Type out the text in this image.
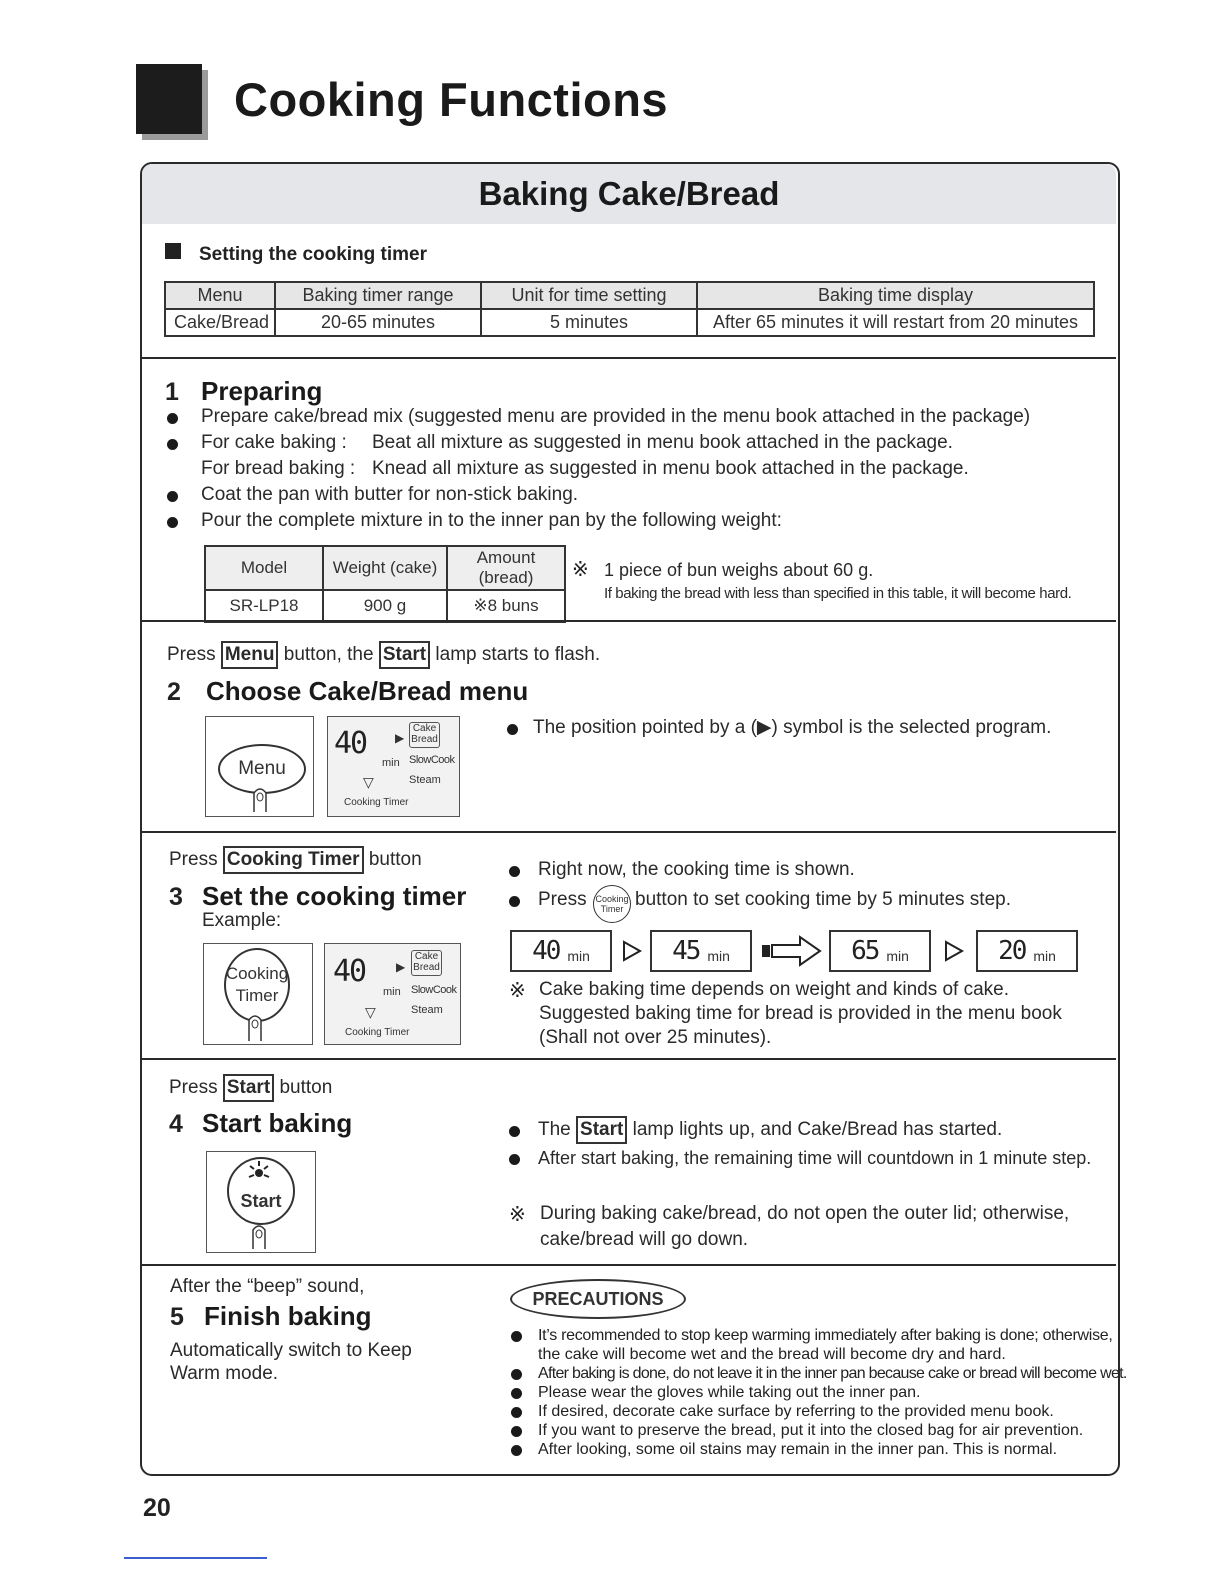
Cooking Functions
Baking Cake/Bread
Setting the cooking timer
Menu	Baking timer range	Unit for time setting	Baking time display
Cake/Bread	20-65 minutes	5 minutes	After 65 minutes it will restart from 20 minutes
1 Preparing
Prepare cake/bread mix (suggested menu are provided in the menu book attached in the package)
For cake baking : Beat all mixture as suggested in menu book attached in the package.
For bread baking : Knead all mixture as suggested in menu book attached in the package.
Coat the pan with butter for non-stick baking.
Pour the complete mixture in to the inner pan by the following weight:
Model	Weight (cake)	Amount (bread)
SR-LP18	900 g	※8 buns
※ 1 piece of bun weighs about 60 g.
If baking the bread with less than specified in this table, it will become hard.
Press Menu button, the Start lamp starts to flash.
2 Choose Cake/Bread menu
Menu
40
min
▶
▽
Cake
Bread
SlowCook
Steam
Cooking Timer
The position pointed by a (▶) symbol is the selected program.
Press Cooking Timer button
3 Set the cooking timer
Example:
Cooking
Timer
40
min
▶
▽
Cake
Bread
SlowCook
Steam
Cooking Timer
Right now, the cooking time is shown.
Press Cooking
Timer button to set cooking time by 5 minutes step.
40 min	45 min	65 min	20 min
※ Cake baking time depends on weight and kinds of cake.
Suggested baking time for bread is provided in the menu book
(Shall not over 25 minutes).
Press Start button
4 Start baking
Start
The Start lamp lights up, and Cake/Bread has started.
After start baking, the remaining time will countdown in 1 minute step.
※ During baking cake/bread, do not open the outer lid; otherwise,
cake/bread will go down.
After the “beep” sound,
5 Finish baking
Automatically switch to Keep
Warm mode.
PRECAUTIONS
It’s recommended to stop keep warming immediately after baking is done; otherwise,
the cake will become wet and the bread will become dry and hard.
After baking is done, do not leave it in the inner pan because cake or bread will become wet.
Please wear the gloves while taking out the inner pan.
If desired, decorate cake surface by referring to the provided menu book.
If you want to preserve the bread, put it into the closed bag for air prevention.
After looking, some oil stains may remain in the inner pan. This is normal.
20
